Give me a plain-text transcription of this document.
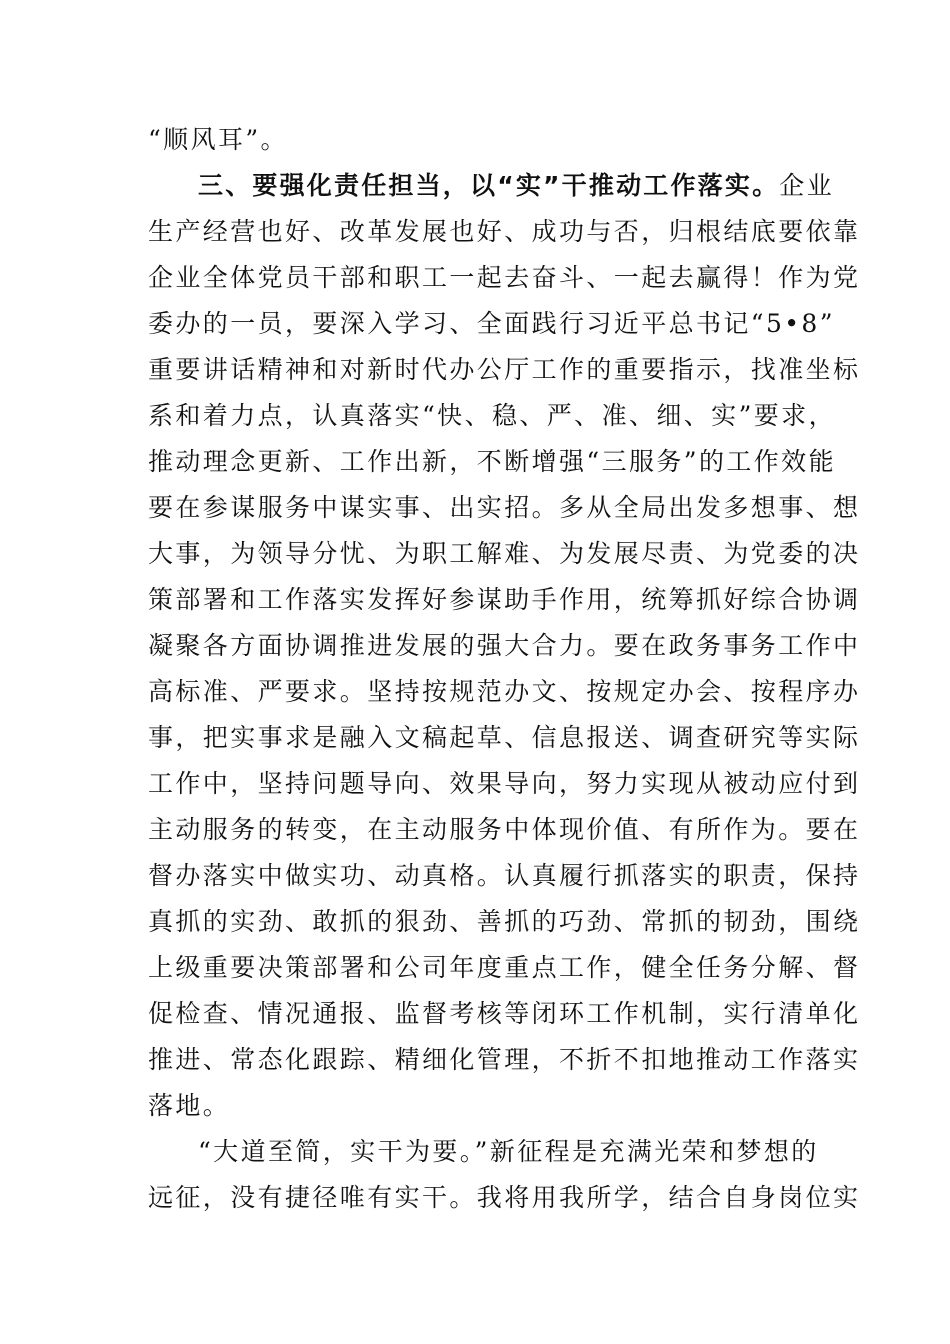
“顺风耳”。
三、要强化责任担当，以“实”干推动工作落实。企业
生产经营也好、改革发展也好、成功与否，归根结底要依靠
企业全体党员干部和职工一起去奋斗、一起去赢得！作为党
委办的一员，要深入学习、全面践行习近平总书记“5•8”
重要讲话精神和对新时代办公厅工作的重要指示，找准坐标
系和着力点，认真落实“快、稳、严、准、细、实”要求，
推动理念更新、工作出新，不断增强“三服务”的工作效能
要在参谋服务中谋实事、出实招。多从全局出发多想事、想
大事，为领导分忧、为职工解难、为发展尽责、为党委的决
策部署和工作落实发挥好参谋助手作用，统筹抓好综合协调
凝聚各方面协调推进发展的强大合力。要在政务事务工作中
高标准、严要求。坚持按规范办文、按规定办会、按程序办
事，把实事求是融入文稿起草、信息报送、调查研究等实际
工作中，坚持问题导向、效果导向，努力实现从被动应付到
主动服务的转变，在主动服务中体现价值、有所作为。要在
督办落实中做实功、动真格。认真履行抓落实的职责，保持
真抓的实劲、敢抓的狠劲、善抓的巧劲、常抓的韧劲，围绕
上级重要决策部署和公司年度重点工作，健全任务分解、督
促检查、情况通报、监督考核等闭环工作机制，实行清单化
推进、常态化跟踪、精细化管理，不折不扣地推动工作落实
落地。
“大道至简，实干为要。”新征程是充满光荣和梦想的
远征，没有捷径唯有实干。我将用我所学，结合自身岗位实
